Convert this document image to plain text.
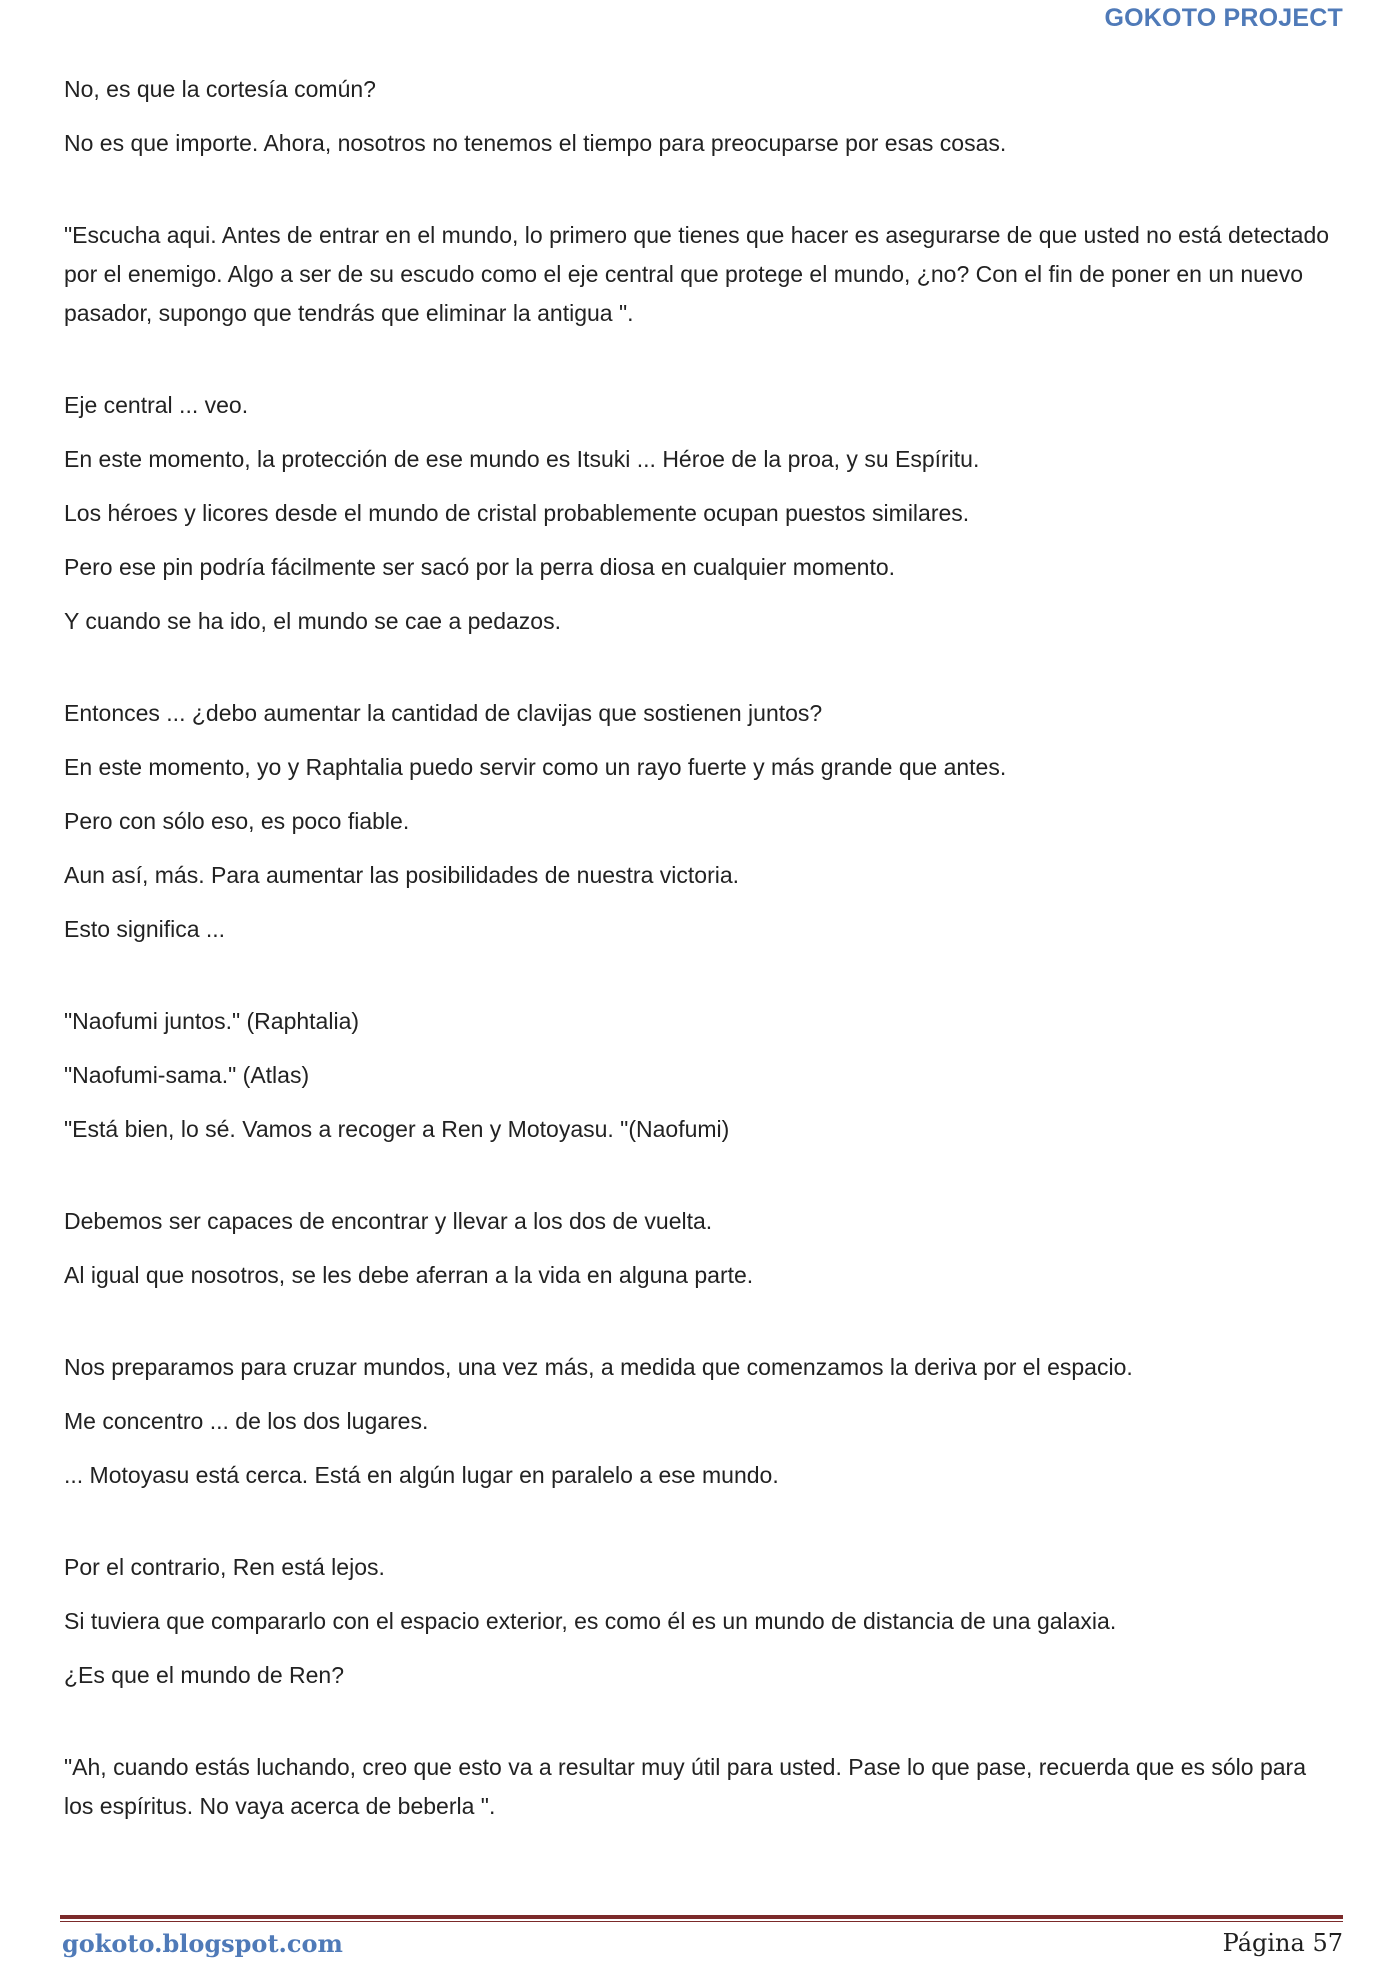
GOKOTO PROJECT

No, es que la cortesía común?

No es que importe. Ahora, nosotros no tenemos el tiempo para preocuparse por esas cosas.

"Escucha aqui. Antes de entrar en el mundo, lo primero que tienes que hacer es asegurarse de que usted no está detectado por el enemigo. Algo a ser de su escudo como el eje central que protege el mundo, ¿no? Con el fin de poner en un nuevo pasador, supongo que tendrás que eliminar la antigua ".

Eje central ... veo.

En este momento, la protección de ese mundo es Itsuki ... Héroe de la proa, y su Espíritu.

Los héroes y licores desde el mundo de cristal probablemente ocupan puestos similares.

Pero ese pin podría fácilmente ser sacó por la perra diosa en cualquier momento.

Y cuando se ha ido, el mundo se cae a pedazos.

Entonces ... ¿debo aumentar la cantidad de clavijas que sostienen juntos?

En este momento, yo y Raphtalia puedo servir como un rayo fuerte y más grande que antes.

Pero con sólo eso, es poco fiable.

Aun así, más. Para aumentar las posibilidades de nuestra victoria.

Esto significa ...

"Naofumi juntos." (Raphtalia)

"Naofumi-sama." (Atlas)

"Está bien, lo sé. Vamos a recoger a Ren y Motoyasu. "(Naofumi)

Debemos ser capaces de encontrar y llevar a los dos de vuelta.

Al igual que nosotros, se les debe aferran a la vida en alguna parte.

Nos preparamos para cruzar mundos, una vez más, a medida que comenzamos la deriva por el espacio.

Me concentro ... de los dos lugares.

... Motoyasu está cerca. Está en algún lugar en paralelo a ese mundo.

Por el contrario, Ren está lejos.

Si tuviera que compararlo con el espacio exterior, es como él es un mundo de distancia de una galaxia.

¿Es que el mundo de Ren?

"Ah, cuando estás luchando, creo que esto va a resultar muy útil para usted. Pase lo que pase, recuerda que es sólo para los espíritus. No vaya acerca de beberla ".

gokoto.blogspot.com	Página 57
